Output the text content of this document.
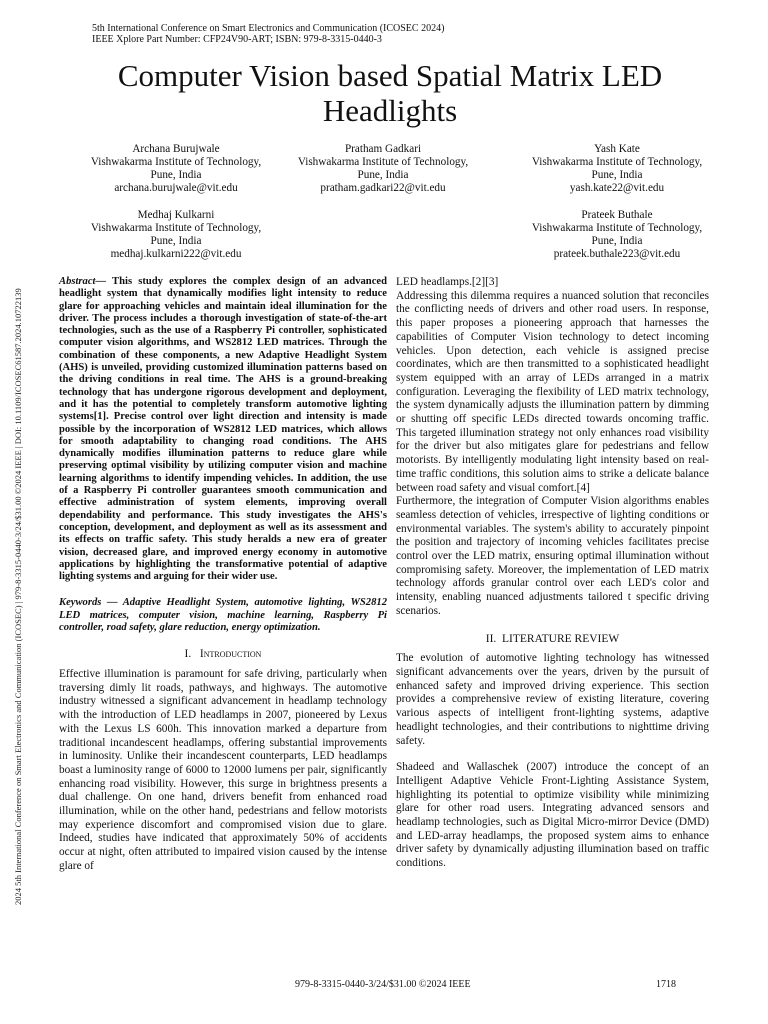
5th International Conference on Smart Electronics and Communication (ICOSEC 2024)
IEEE Xplore Part Number: CFP24V90-ART; ISBN: 979-8-3315-0440-3
2024 5th International Conference on Smart Electronics and Communication (ICOSEC) | 979-8-3315-0440-3/24/$31.00 ©2024 IEEE | DOI: 10.1109/ICOSEC61587.2024.10722139
Computer Vision based Spatial Matrix LED Headlights
Archana Burujwale
Vishwakarma Institute of Technology,
Pune, India
archana.burujwale@vit.edu
Pratham Gadkari
Vishwakarma Institute of Technology,
Pune, India
pratham.gadkari22@vit.edu
Yash Kate
Vishwakarma Institute of Technology,
Pune, India
yash.kate22@vit.edu
Medhaj Kulkarni
Vishwakarma Institute of Technology,
Pune, India
medhaj.kulkarni222@vit.edu
Prateek Buthale
Vishwakarma Institute of Technology,
Pune, India
prateek.buthale223@vit.edu

Abstract— This study explores the complex design of an advanced headlight system that dynamically modifies light intensity to reduce glare for approaching vehicles and maintain ideal illumination for the driver. The process includes a thorough investigation of state-of-the-art technologies, such as the use of a Raspberry Pi controller, sophisticated computer vision algorithms, and WS2812 LED matrices. Through the combination of these components, a new Adaptive Headlight System (AHS) is unveiled, providing customized illumination patterns based on the driving conditions in real time. The AHS is a ground-breaking technology that has undergone rigorous development and deployment, and it has the potential to completely transform automotive lighting systems[1]. Precise control over light direction and intensity is made possible by the incorporation of WS2812 LED matrices, which allows for smooth adaptability to changing road conditions. The AHS dynamically modifies illumination patterns to reduce glare while preserving optimal visibility by utilizing computer vision and machine learning algorithms to identify impending vehicles. In addition, the use of a Raspberry Pi controller guarantees smooth communication and effective administration of system elements, improving overall dependability and performance. This study investigates the AHS's conception, development, and deployment as well as its assessment and its effects on traffic safety. This study heralds a new era of greater vision, decreased glare, and improved energy economy in automotive applications by highlighting the transformative potential of adaptive lighting systems and arguing for their wider use.

Keywords — Adaptive Headlight System, automotive lighting, WS2812 LED matrices, computer vision, machine learning, Raspberry Pi controller, road safety, glare reduction, energy optimization.

I. Introduction

Effective illumination is paramount for safe driving, particularly when traversing dimly lit roads, pathways, and highways. The automotive industry witnessed a significant advancement in headlamp technology with the introduction of LED headlamps in 2007, pioneered by Lexus with the Lexus LS 600h. This innovation marked a departure from traditional incandescent headlamps, offering substantial improvements in luminosity. Unlike their incandescent counterparts, LED headlamps boast a luminosity range of 6000 to 12000 lumens per pair, significantly enhancing road visibility. However, this surge in brightness presents a dual challenge. On one hand, drivers benefit from enhanced road illumination, while on the other hand, pedestrians and fellow motorists may experience discomfort and compromised vision due to glare. Indeed, studies have indicated that approximately 50% of accidents occur at night, often attributed to impaired vision caused by the intense glare of

LED headlamps.[2][3]

Addressing this dilemma requires a nuanced solution that reconciles the conflicting needs of drivers and other road users. In response, this paper proposes a pioneering approach that harnesses the capabilities of Computer Vision technology to detect incoming vehicles. Upon detection, each vehicle is assigned precise coordinates, which are then transmitted to a sophisticated headlight system equipped with an array of LEDs arranged in a matrix configuration. Leveraging the flexibility of LED matrix technology, the system dynamically adjusts the illumination pattern by dimming or shutting off specific LEDs directed towards oncoming traffic. This targeted illumination strategy not only enhances road visibility for the driver but also mitigates glare for pedestrians and fellow motorists. By intelligently modulating light intensity based on real-time traffic conditions, this solution aims to strike a delicate balance between road safety and visual comfort.[4]

Furthermore, the integration of Computer Vision algorithms enables seamless detection of vehicles, irrespective of lighting conditions or environmental variables. The system's ability to accurately pinpoint the position and trajectory of incoming vehicles facilitates precise control over the LED matrix, ensuring optimal illumination without compromising safety. Moreover, the implementation of LED matrix technology affords granular control over each LED's color and intensity, enabling nuanced adjustments tailored t specific driving scenarios.

II. LITERATURE REVIEW

The evolution of automotive lighting technology has witnessed significant advancements over the years, driven by the pursuit of enhanced safety and improved driving experience. This section provides a comprehensive review of existing literature, covering various aspects of intelligent front-lighting systems, adaptive headlight technologies, and their contributions to nighttime driving safety.

Shadeed and Wallaschek (2007) introduce the concept of an Intelligent Adaptive Vehicle Front-Lighting Assistance System, highlighting its potential to optimize visibility while minimizing glare for other road users. Integrating advanced sensors and headlamp technologies, such as Digital Micro-mirror Device (DMD) and LED-array headlamps, the proposed system aims to enhance driver safety by dynamically adjusting illumination based on traffic conditions.

979-8-3315-0440-3/24/$31.00 ©2024 IEEE	1718
